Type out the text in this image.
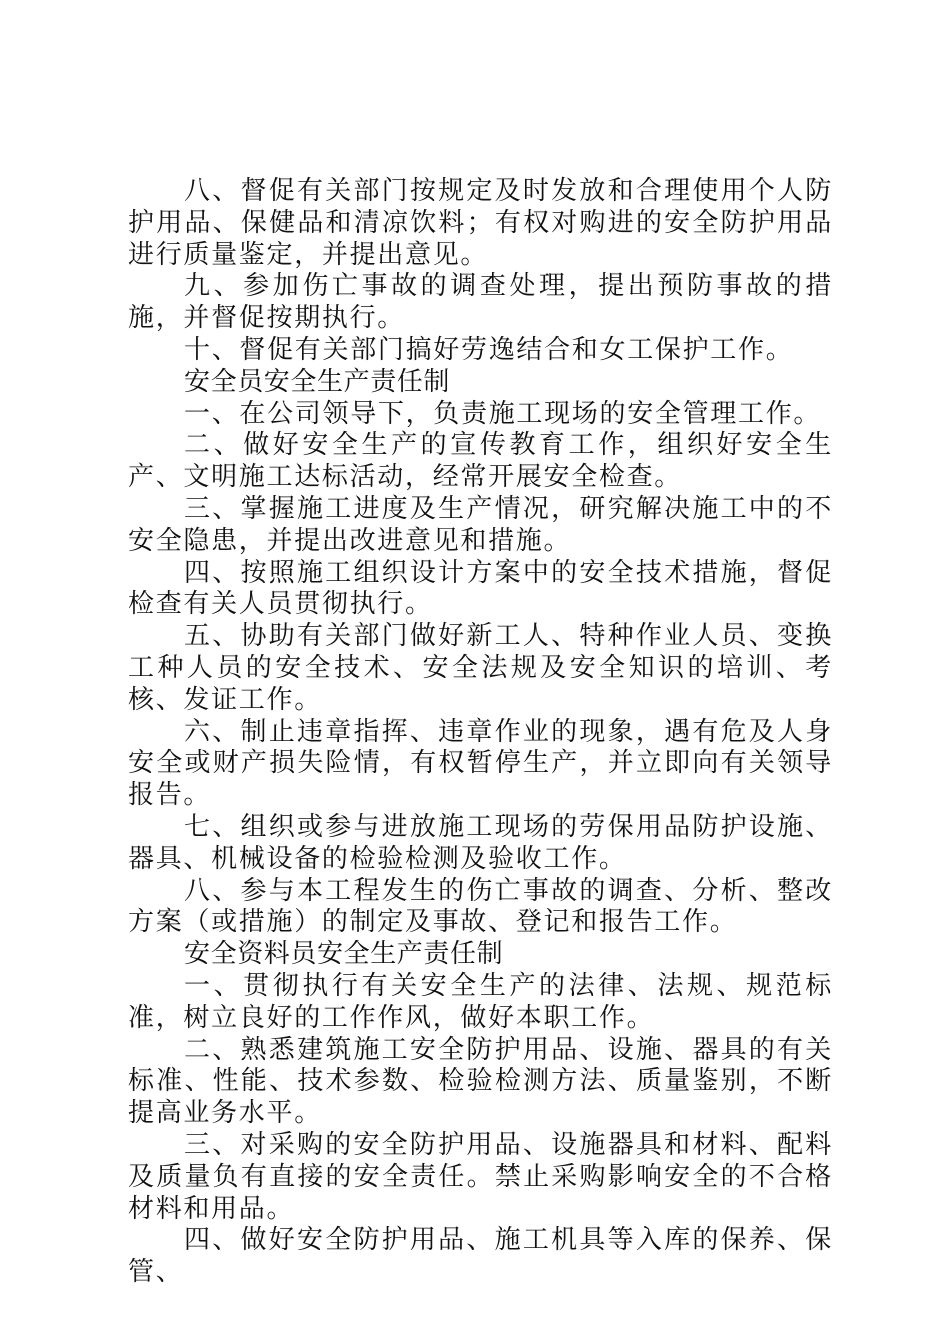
八、督促有关部门按规定及时发放和合理使用个人防护用品、保健品和清凉饮料；有权对购进的安全防护用品进行质量鉴定，并提出意见。

九、参加伤亡事故的调查处理，提出预防事故的措施，并督促按期执行。

十、督促有关部门搞好劳逸结合和女工保护工作。

安全员安全生产责任制

一、在公司领导下，负责施工现场的安全管理工作。

二、做好安全生产的宣传教育工作，组织好安全生产、文明施工达标活动，经常开展安全检查。

三、掌握施工进度及生产情况，研究解决施工中的不安全隐患，并提出改进意见和措施。

四、按照施工组织设计方案中的安全技术措施，督促检查有关人员贯彻执行。

五、协助有关部门做好新工人、特种作业人员、变换工种人员的安全技术、安全法规及安全知识的培训、考核、发证工作。

六、制止违章指挥、违章作业的现象，遇有危及人身安全或财产损失险情，有权暂停生产，并立即向有关领导报告。

七、组织或参与进放施工现场的劳保用品防护设施、器具、机械设备的检验检测及验收工作。

八、参与本工程发生的伤亡事故的调查、分析、整改方案（或措施）的制定及事故、登记和报告工作。

安全资料员安全生产责任制

一、贯彻执行有关安全生产的法律、法规、规范标准，树立良好的工作作风，做好本职工作。

二、熟悉建筑施工安全防护用品、设施、器具的有关标准、性能、技术参数、检验检测方法、质量鉴别，不断提高业务水平。

三、对采购的安全防护用品、设施器具和材料、配料及质量负有直接的安全责任。禁止采购影响安全的不合格材料和用品。

四、做好安全防护用品、施工机具等入库的保养、保管、
